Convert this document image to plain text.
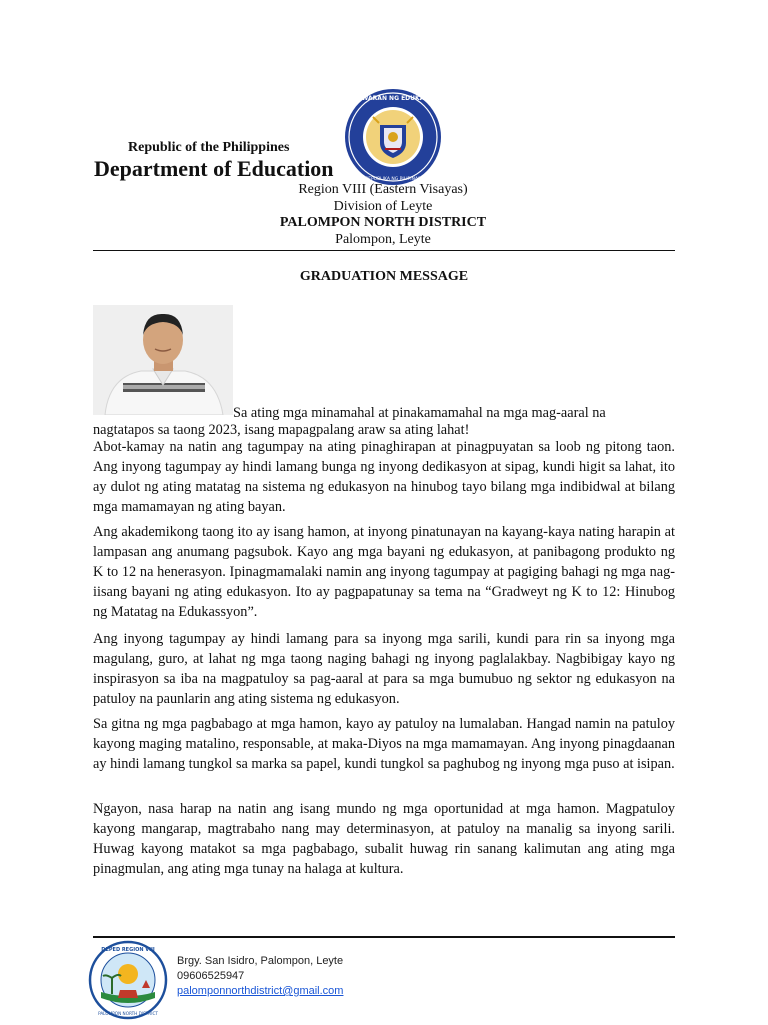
KAGAWARAN NG EDUKASYON
REPUBLIKA NG PILIPINAS
Republic of the Philippines
Department of Education
Region VIII (Eastern Visayas)
Division of Leyte
PALOMPON NORTH DISTRICT
Palompon, Leyte
GRADUATION MESSAGE
Sa ating mga minamahal at pinakamamahal na mga mag-aaral na
nagtatapos sa taong 2023, isang mapagpalang araw sa ating lahat!

Abot-kamay na natin ang tagumpay na ating pinaghirapan at pinagpuyatan sa loob ng pitong taon. Ang inyong tagumpay ay hindi lamang bunga ng inyong dedikasyon at sipag, kundi higit sa lahat, ito ay dulot ng ating matatag na sistema ng edukasyon na hinubog tayo bilang mga indibidwal at bilang mga mamamayan ng ating bayan.

Ang akademikong taong ito ay isang hamon, at inyong pinatunayan na kayang-kaya nating harapin at lampasan ang anumang pagsubok. Kayo ang mga bayani ng edukasyon, at panibagong produkto ng K to 12 na henerasyon. Ipinagmamalaki namin ang inyong tagumpay at pagiging bahagi ng mga nag-iisang bayani ng ating edukasyon. Ito ay pagpapatunay sa tema na “Gradweyt ng K to 12: Hinubog ng Matatag na Edukassyon”.

Ang inyong tagumpay ay hindi lamang para sa inyong mga sarili, kundi para rin sa inyong mga magulang, guro, at lahat ng mga taong naging bahagi ng inyong paglalakbay. Nagbibigay kayo ng inspirasyon sa iba na magpatuloy sa pag-aaral at para sa mga bumubuo ng sektor ng edukasyon na patuloy na paunlarin ang ating sistema ng edukasyon.

Sa gitna ng mga pagbabago at mga hamon, kayo ay patuloy na lumalaban. Hangad namin na patuloy kayong maging matalino, responsable, at maka-Diyos na mga mamamayan. Ang inyong pinagdaanan ay hindi lamang tungkol sa marka sa papel, kundi tungkol sa paghubog ng inyong mga puso at isipan.

Ngayon, nasa harap na natin ang isang mundo ng mga oportunidad at mga hamon. Magpatuloy kayong mangarap, magtrabaho nang may determinasyon, at patuloy na manalig sa inyong sarili. Huwag kayong matakot sa mga pagbabago, subalit huwag rin sanang kalimutan ang ating mga pinagmulan, ang ating mga tunay na halaga at kultura.

DEPED REGION VIII
PALOMPON NORTH DISTRICT
Brgy. San Isidro, Palompon, Leyte
09606525947
palomponnorthdistrict@gmail.com
